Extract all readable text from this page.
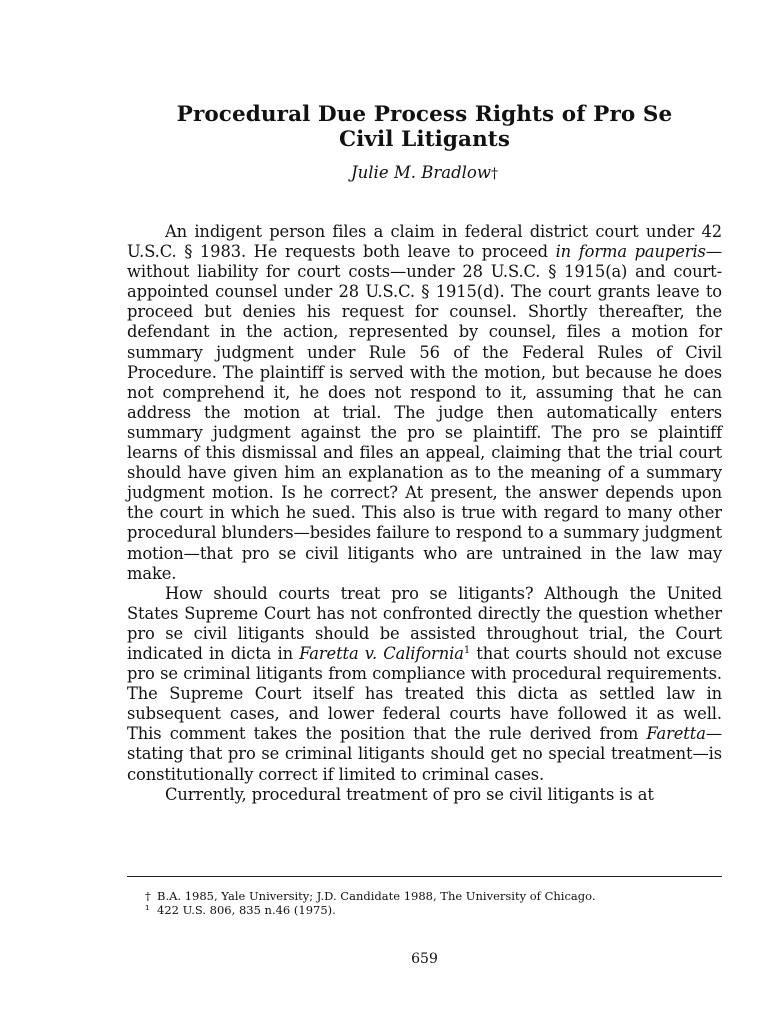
Procedural Due Process Rights of Pro Se
Civil Litigants
Julie M. Bradlow†

An indigent person files a claim in federal district court under 42 U.S.C. § 1983. He requests both leave to proceed in forma pauperis—without liability for court costs—under 28 U.S.C. § 1915(a) and court-appointed counsel under 28 U.S.C. § 1915(d). The court grants leave to proceed but denies his request for counsel. Shortly thereafter, the defendant in the action, represented by counsel, files a motion for summary judgment under Rule 56 of the Federal Rules of Civil Procedure. The plaintiff is served with the motion, but because he does not comprehend it, he does not respond to it, assuming that he can address the motion at trial. The judge then automatically enters summary judgment against the pro se plaintiff. The pro se plaintiff learns of this dismissal and files an appeal, claiming that the trial court should have given him an explanation as to the meaning of a summary judgment motion. Is he correct? At present, the answer depends upon the court in which he sued. This also is true with regard to many other procedural blunders—besides failure to respond to a summary judgment motion—that pro se civil litigants who are untrained in the law may make.

How should courts treat pro se litigants? Although the United States Supreme Court has not confronted directly the question whether pro se civil litigants should be assisted throughout trial, the Court indicated in dicta in Faretta v. California$^1$ that courts should not excuse pro se criminal litigants from compliance with procedural requirements. The Supreme Court itself has treated this dicta as settled law in subsequent cases, and lower federal courts have followed it as well. This comment takes the position that the rule derived from Faretta—stating that pro se criminal litigants should get no special treatment—is constitutionally correct if limited to criminal cases.

Currently, procedural treatment of pro se civil litigants is at

† B.A. 1985, Yale University; J.D. Candidate 1988, The University of Chicago.
¹ 422 U.S. 806, 835 n.46 (1975).
659
